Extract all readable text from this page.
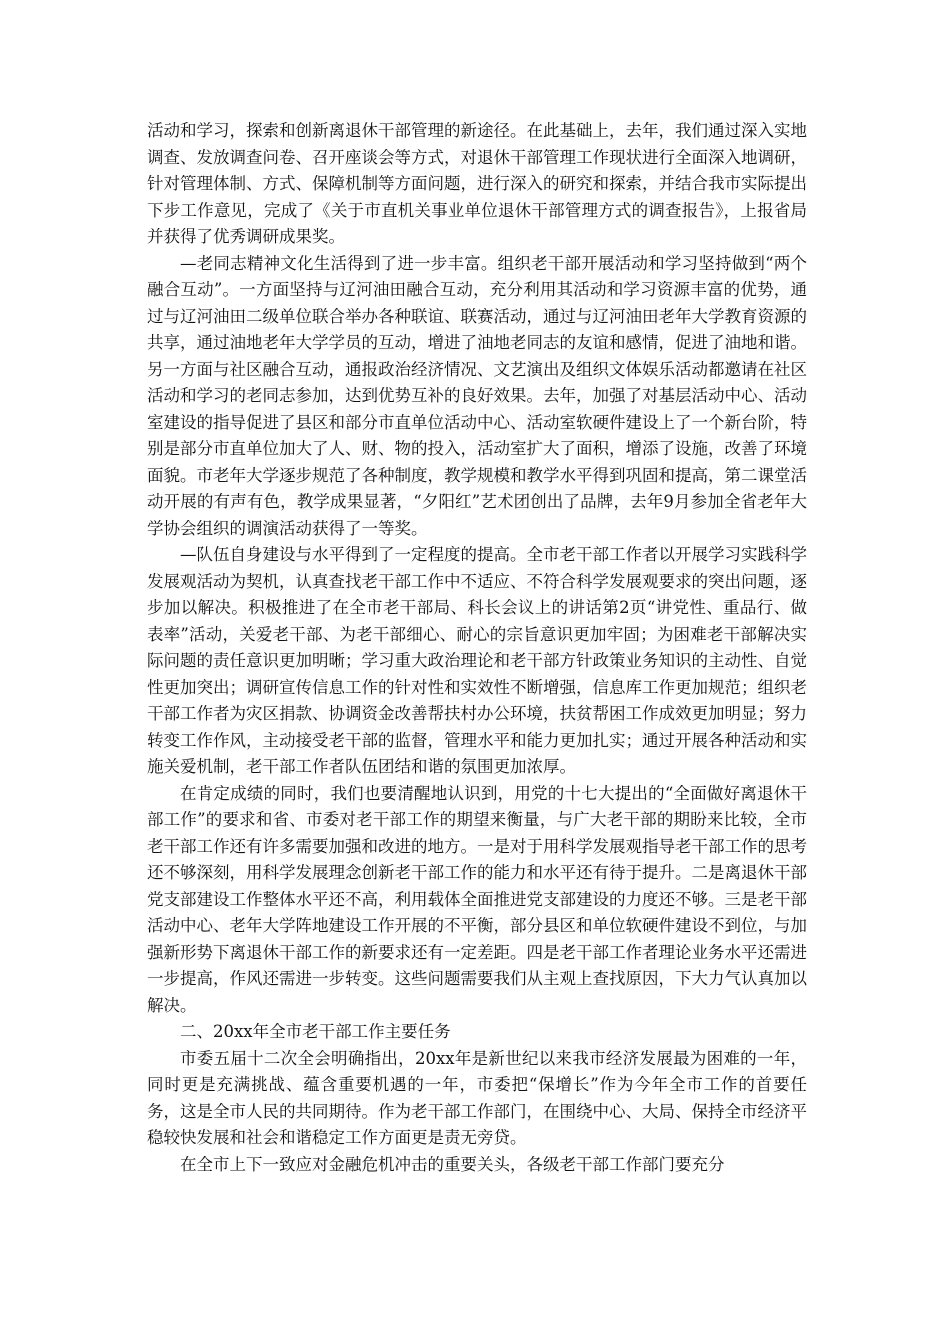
活动和学习，探索和创新离退休干部管理的新途径。在此基础上，去年，我们通过深入实地调查、发放调查问卷、召开座谈会等方式，对退休干部管理工作现状进行全面深入地调研，针对管理体制、方式、保障机制等方面问题，进行深入的研究和探索，并结合我市实际提出下步工作意见，完成了《关于市直机关事业单位退休干部管理方式的调查报告》，上报省局并获得了优秀调研成果奖。

—老同志精神文化生活得到了进一步丰富。组织老干部开展活动和学习坚持做到“两个融合互动”。一方面坚持与辽河油田融合互动，充分利用其活动和学习资源丰富的优势，通过与辽河油田二级单位联合举办各种联谊、联赛活动，通过与辽河油田老年大学教育资源的共享，通过油地老年大学学员的互动，增进了油地老同志的友谊和感情，促进了油地和谐。另一方面与社区融合互动，通报政治经济情况、文艺演出及组织文体娱乐活动都邀请在社区活动和学习的老同志参加，达到优势互补的良好效果。去年，加强了对基层活动中心、活动室建设的指导促进了县区和部分市直单位活动中心、活动室软硬件建设上了一个新台阶，特别是部分市直单位加大了人、财、物的投入，活动室扩大了面积，增添了设施，改善了环境面貌。市老年大学逐步规范了各种制度，教学规模和教学水平得到巩固和提高，第二课堂活动开展的有声有色，教学成果显著，“夕阳红”艺术团创出了品牌，去年9月参加全省老年大学协会组织的调演活动获得了一等奖。

—队伍自身建设与水平得到了一定程度的提高。全市老干部工作者以开展学习实践科学发展观活动为契机，认真查找老干部工作中不适应、不符合科学发展观要求的突出问题，逐步加以解决。积极推进了在全市老干部局、科长会议上的讲话第2页“讲党性、重品行、做表率”活动，关爱老干部、为老干部细心、耐心的宗旨意识更加牢固；为困难老干部解决实际问题的责任意识更加明晰；学习重大政治理论和老干部方针政策业务知识的主动性、自觉性更加突出；调研宣传信息工作的针对性和实效性不断增强，信息库工作更加规范；组织老干部工作者为灾区捐款、协调资金改善帮扶村办公环境，扶贫帮困工作成效更加明显；努力转变工作作风，主动接受老干部的监督，管理水平和能力更加扎实；通过开展各种活动和实施关爱机制，老干部工作者队伍团结和谐的氛围更加浓厚。

在肯定成绩的同时，我们也要清醒地认识到，用党的十七大提出的“全面做好离退休干部工作”的要求和省、市委对老干部工作的期望来衡量，与广大老干部的期盼来比较，全市老干部工作还有许多需要加强和改进的地方。一是对于用科学发展观指导老干部工作的思考还不够深刻，用科学发展理念创新老干部工作的能力和水平还有待于提升。二是离退休干部党支部建设工作整体水平还不高，利用载体全面推进党支部建设的力度还不够。三是老干部活动中心、老年大学阵地建设工作开展的不平衡，部分县区和单位软硬件建设不到位，与加强新形势下离退休干部工作的新要求还有一定差距。四是老干部工作者理论业务水平还需进一步提高，作风还需进一步转变。这些问题需要我们从主观上查找原因，下大力气认真加以解决。

二、20xx年全市老干部工作主要任务

市委五届十二次全会明确指出，20xx年是新世纪以来我市经济发展最为困难的一年，同时更是充满挑战、蕴含重要机遇的一年，市委把“保增长”作为今年全市工作的首要任务，这是全市人民的共同期待。作为老干部工作部门，在围绕中心、大局、保持全市经济平稳较快发展和社会和谐稳定工作方面更是责无旁贷。

在全市上下一致应对金融危机冲击的重要关头，各级老干部工作部门要充分
